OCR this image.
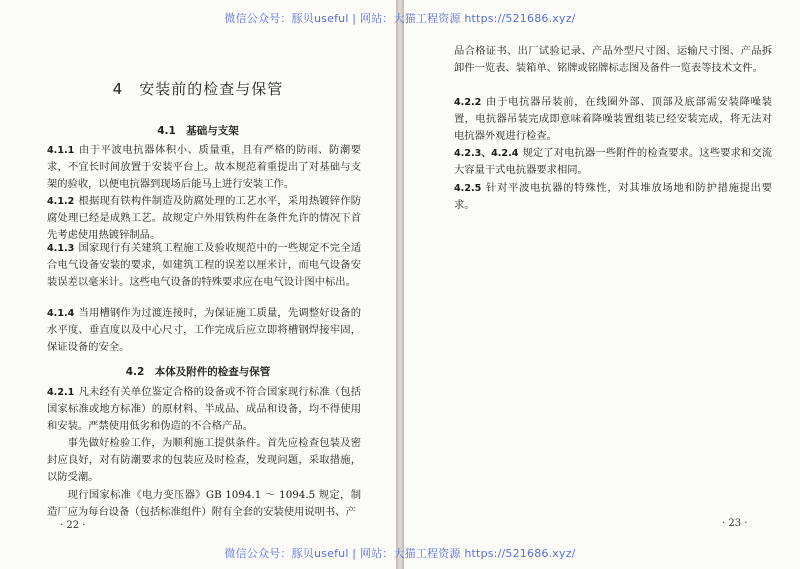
4　安装前的检查与保管
4.1　基础与支架
4.1.1 由于平波电抗器体积小、质量重，且有严格的防雨、防潮要求，不宜长时间放置于安装平台上。故本规范着重提出了对基础与支架的验收，以便电抗器到现场后能马上进行安装工作。
4.1.2 根据现有铁构件制造及防腐处理的工艺水平，采用热镀锌作防腐处理已经是成熟工艺。故规定户外用铁构件在条件允许的情况下首先考虑使用热镀锌制品。
4.1.3 国家现行有关建筑工程施工及验收规范中的一些规定不完全适合电气设备安装的要求，如建筑工程的误差以厘米计，而电气设备安装误差以毫米计。这些电气设备的特殊要求应在电气设计图中标出。
4.1.4 当用槽钢作为过渡连接时，为保证施工质量，先调整好设备的水平度、垂直度以及中心尺寸，工作完成后应立即将槽钢焊接牢固，保证设备的安全。
4.2　本体及附件的检查与保管
4.2.1 凡未经有关单位鉴定合格的设备或不符合国家现行标准（包括国家标准或地方标准）的原材料、半成品、成品和设备，均不得使用和安装。严禁使用低劣和伪造的不合格产品。
事先做好检验工作，为顺利施工提供条件。首先应检查包装及密封应良好，对有防潮要求的包装应及时检查，发现问题，采取措施，以防受潮。
现行国家标准《电力变压器》GB 1094.1 ～ 1094.5 规定，制造厂应为每台设备（包括标准组件）附有全套的安装使用说明书、产
· 22 ·
品合格证书、出厂试验记录、产品外型尺寸图、运输尺寸图、产品拆卸件一览表、装箱单、铭牌或铭牌标志图及备件一览表等技术文件。
4.2.2 由于电抗器吊装前，在线圈外部、顶部及底部需安装降噪装置，电抗器吊装完成即意味着降噪装置组装已经安装完成，将无法对电抗器外观进行检查。
4.2.3、4.2.4 规定了对电抗器一些附件的检查要求。这些要求和交流大容量干式电抗器要求相同。
4.2.5 针对平波电抗器的特殊性，对其堆放场地和防护措施提出要求。
· 23 ·
微信公众号：豚贝useful | 网站：大猫工程资源 https://521686.xyz/
微信公众号：豚贝useful | 网站：大猫工程资源 https://521686.xyz/
